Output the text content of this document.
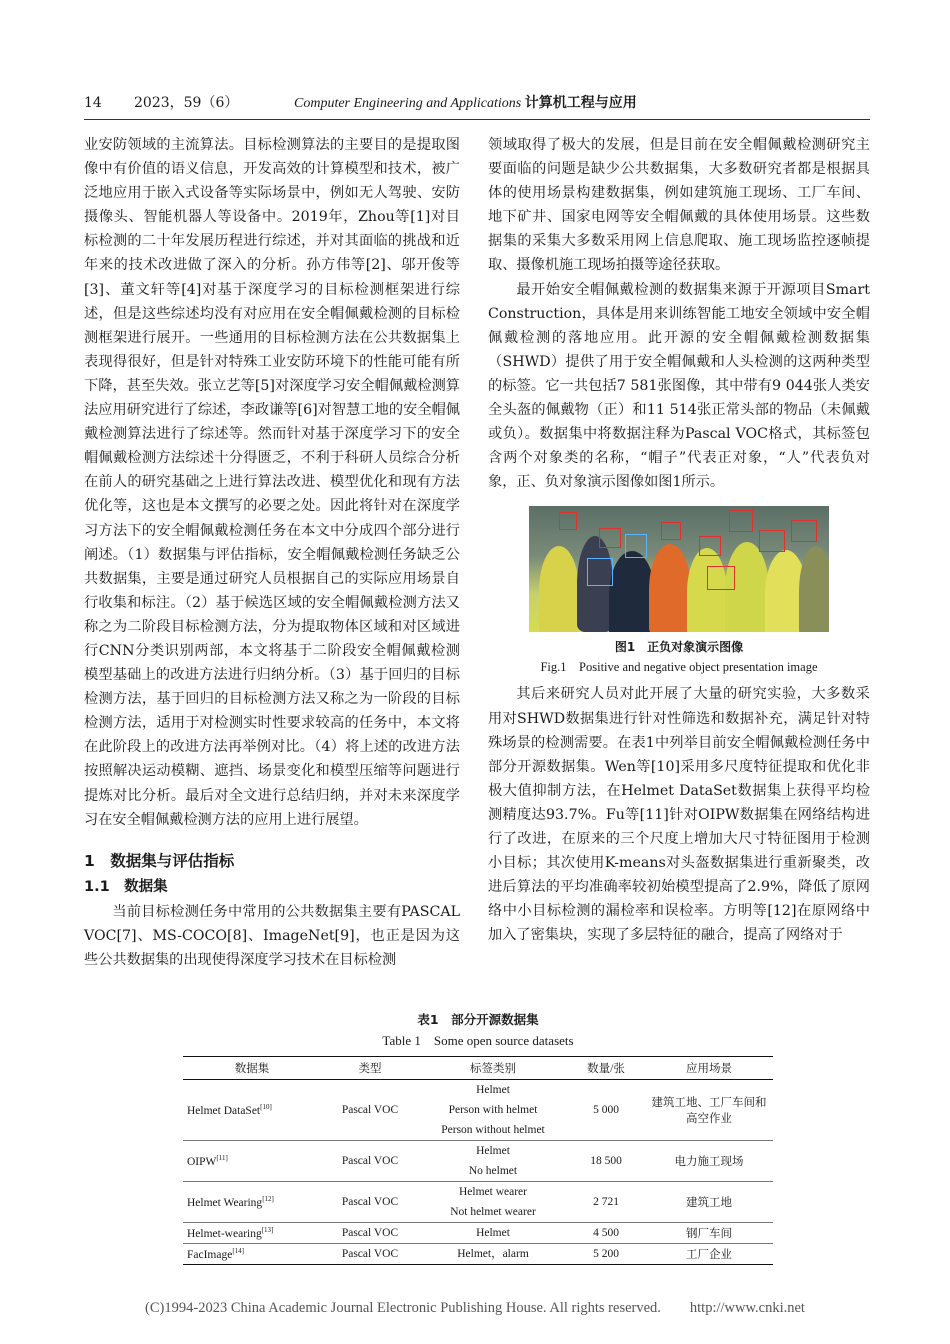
14 2023，59（6）	Computer Engineering and Applications 计算机工程与应用

业安防领域的主流算法。目标检测算法的主要目的是提取图像中有价值的语义信息，开发高效的计算模型和技术，被广泛地应用于嵌入式设备等实际场景中，例如无人驾驶、安防摄像头、智能机器人等设备中。2019年，Zhou等[1]对目标检测的二十年发展历程进行综述，并对其面临的挑战和近年来的技术改进做了深入的分析。孙方伟等[2]、邬开俊等[3]、董文轩等[4]对基于深度学习的目标检测框架进行综述，但是这些综述均没有对应用在安全帽佩戴检测的目标检测框架进行展开。一些通用的目标检测方法在公共数据集上表现得很好，但是针对特殊工业安防环境下的性能可能有所下降，甚至失效。张立艺等[5]对深度学习安全帽佩戴检测算法应用研究进行了综述，李政谦等[6]对智慧工地的安全帽佩戴检测算法进行了综述等。然而针对基于深度学习下的安全帽佩戴检测方法综述十分得匮乏，不利于科研人员综合分析在前人的研究基础之上进行算法改进、模型优化和现有方法优化等，这也是本文撰写的必要之处。因此将针对在深度学习方法下的安全帽佩戴检测任务在本文中分成四个部分进行阐述。（1）数据集与评估指标，安全帽佩戴检测任务缺乏公共数据集，主要是通过研究人员根据自己的实际应用场景自行收集和标注。（2）基于候选区域的安全帽佩戴检测方法又称之为二阶段目标检测方法，分为提取物体区域和对区域进行CNN分类识别两部，本文将基于二阶段安全帽佩戴检测模型基础上的改进方法进行归纳分析。（3）基于回归的目标检测方法，基于回归的目标检测方法又称之为一阶段的目标检测方法，适用于对检测实时性要求较高的任务中，本文将在此阶段上的改进方法再举例对比。（4）将上述的改进方法按照解决运动模糊、遮挡、场景变化和模型压缩等问题进行提炼对比分析。最后对全文进行总结归纳，并对未来深度学习在安全帽佩戴检测方法的应用上进行展望。

1　数据集与评估指标
1.1　数据集

当前目标检测任务中常用的公共数据集主要有PASCAL VOC[7]、MS-COCO[8]、ImageNet[9]，也正是因为这些公共数据集的出现使得深度学习技术在目标检测

领域取得了极大的发展，但是目前在安全帽佩戴检测研究主要面临的问题是缺少公共数据集，大多数研究者都是根据具体的使用场景构建数据集，例如建筑施工现场、工厂车间、地下矿井、国家电网等安全帽佩戴的具体使用场景。这些数据集的采集大多数采用网上信息爬取、施工现场监控逐帧提取、摄像机施工现场拍摄等途径获取。

最开始安全帽佩戴检测的数据集来源于开源项目Smart Construction，具体是用来训练智能工地安全领域中安全帽佩戴检测的落地应用。此开源的安全帽佩戴检测数据集（SHWD）提供了用于安全帽佩戴和人头检测的这两种类型的标签。它一共包括7 581张图像，其中带有9 044张人类安全头盔的佩戴物（正）和11 514张正常头部的物品（未佩戴或负）。数据集中将数据注释为Pascal VOC格式，其标签包含两个对象类的名称，“帽子”代表正对象，“人”代表负对象，正、负对象演示图像如图1所示。

图1　正负对象演示图像
Fig.1　Positive and negative object presentation image

其后来研究人员对此开展了大量的研究实验，大多数采用对SHWD数据集进行针对性筛选和数据补充，满足针对特殊场景的检测需要。在表1中列举目前安全帽佩戴检测任务中部分开源数据集。Wen等[10]采用多尺度特征提取和优化非极大值抑制方法，在Helmet DataSet数据集上获得平均检测精度达93.7%。Fu等[11]针对OIPW数据集在网络结构进行了改进，在原来的三个尺度上增加大尺寸特征图用于检测小目标；其次使用K-means对头盔数据集进行重新聚类，改进后算法的平均准确率较初始模型提高了2.9%，降低了原网络中小目标检测的漏检率和误检率。方明等[12]在原网络中加入了密集块，实现了多层特征的融合，提高了网络对于

表1　部分开源数据集
Table 1　Some open source datasets
数据集	类型	标签类别	数量/张	应用场景
Helmet DataSet[10]	Pascal VOC	Helmet
Person with helmet
Person without helmet	5 000	建筑工地、工厂车间和高空作业
OIPW[11]	Pascal VOC	Helmet
No helmet	18 500	电力施工现场
Helmet Wearing[12]	Pascal VOC	Helmet wearer
Not helmet wearer	2 721	建筑工地
Helmet-wearing[13]	Pascal VOC	Helmet	4 500	钢厂车间
FacImage[14]	Pascal VOC	Helmet，alarm	5 200	工厂企业
(C)1994-2023 China Academic Journal Electronic Publishing House. All rights reserved.　　http://www.cnki.net
